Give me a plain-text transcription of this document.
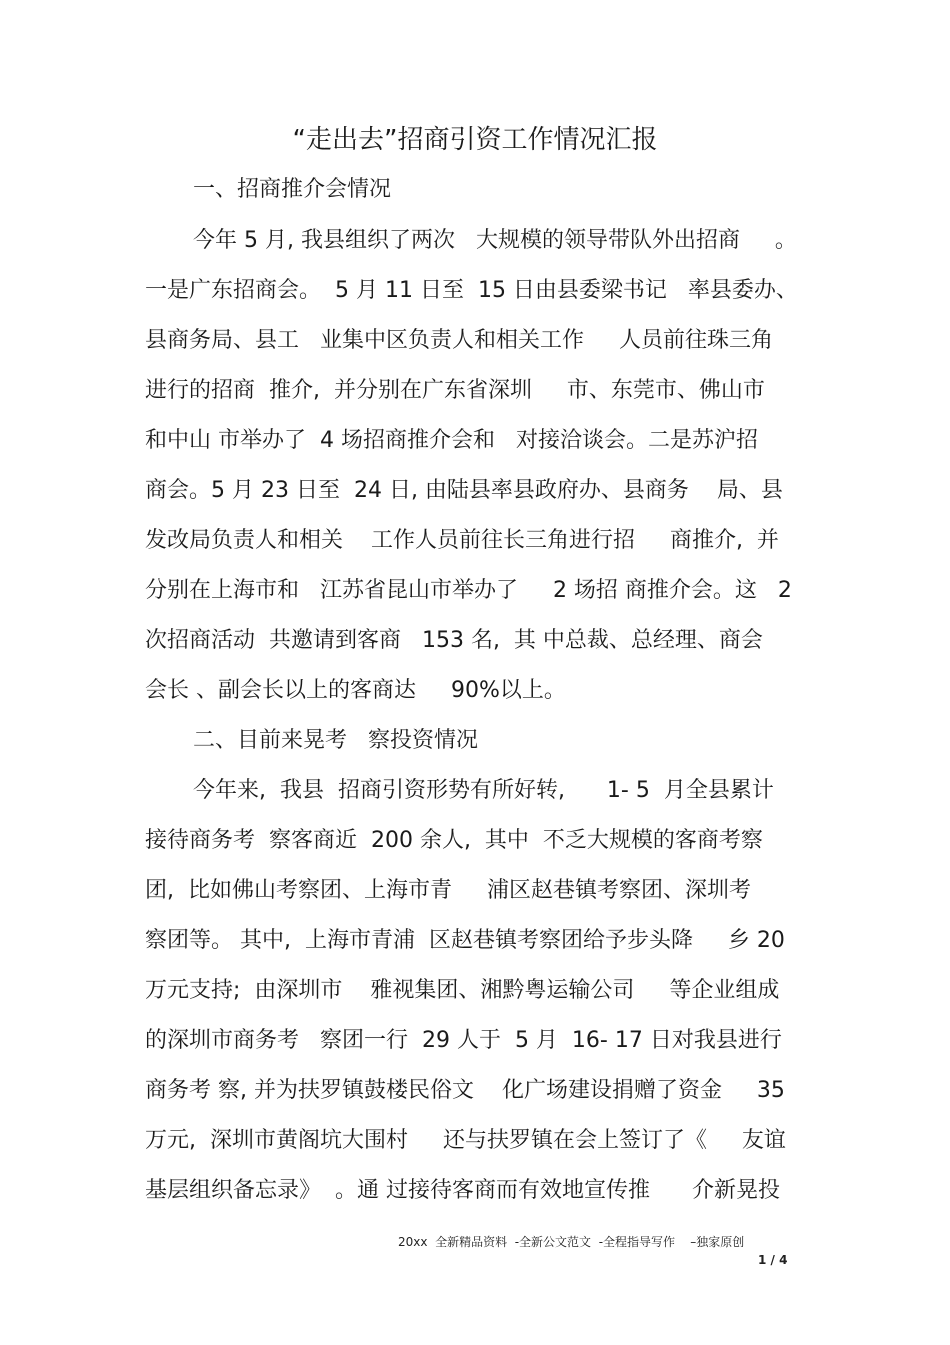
“走出去”招商引资工作情况汇报
一、招商推介会情况
今年 5 月, 我县组织了两次   大规模的领导带队外出招商     。
一是广东招商会。  5 月 11 日至  15 日由县委梁书记   率县委办、
县商务局、县工   业集中区负责人和相关工作     人员前往珠三角
进行的招商  推介,  并分别在广东省深圳     市、东莞市、佛山市
和中山 市举办了  4 场招商推介会和   对接洽谈会。二是苏沪招
商会。5 月 23 日至  24 日, 由陆县率县政府办、县商务    局、县
发改局负责人和相关    工作人员前往长三角进行招     商推介,  并
分别在上海市和   江苏省昆山市举办了     2 场招 商推介会。这   2
次招商活动  共邀请到客商   153 名,  其 中总裁、总经理、商会
会长 、副会长以上的客商达     90%以上。
二、目前来晃考   察投资情况
今年来,  我县  招商引资形势有所好转,      1- 5  月全县累计
接待商务考  察客商近  200 余人,  其中  不乏大规模的客商考察
团,  比如佛山考察团、上海市青     浦区赵巷镇考察团、深圳考
察团等。 其中,  上海市青浦  区赵巷镇考察团给予步头降     乡 20
万元支持;  由深圳市    雅视集团、湘黔粤运输公司     等企业组成
的深圳市商务考   察团一行  29 人于  5 月  16- 17 日对我县进行
商务考 察, 并为扶罗镇鼓楼民俗文    化广场建设捐赠了资金     35
万元,  深圳市黄阁坑大围村     还与扶罗镇在会上签订了《     友谊
基层组织备忘录》  。通 过接待客商而有效地宣传推      介新晃投
20xx  全新精品资料  -全新公文范文  -全程指导写作    –独家原创
1 / 4
